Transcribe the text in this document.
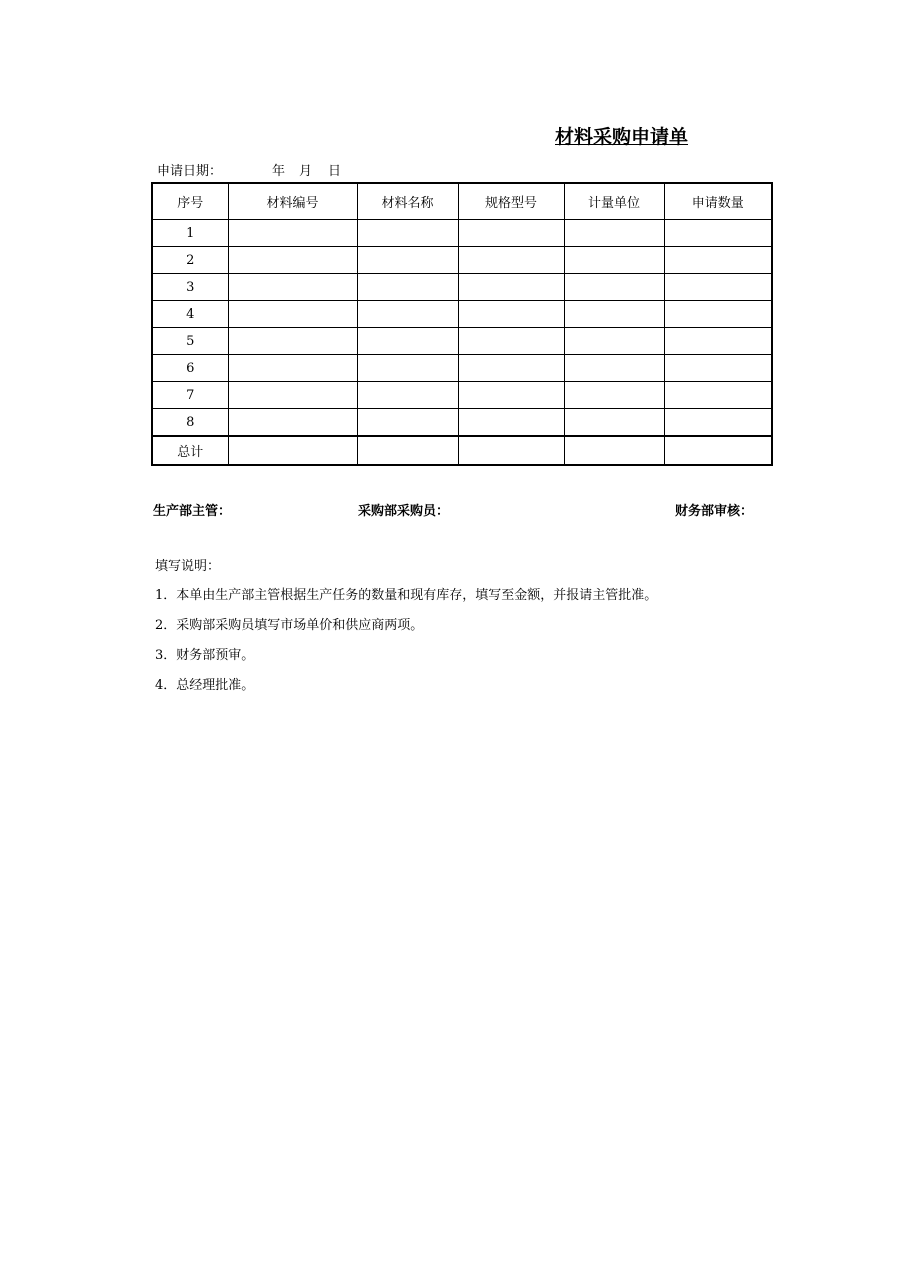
材料采购申请单
申请日期：	年 月 日
序号	材料编号	材料名称	规格型号	计量单位	申请数量
1					
2					
3					
4					
5					
6					
7					
8					
总计					
生产部主管：	采购部采购员：	财务部审核：
填写说明：
1．本单由生产部主管根据生产任务的数量和现有库存，填写至金额，并报请主管批准。
2．采购部采购员填写市场单价和供应商两项。
3．财务部预审。
4．总经理批准。
